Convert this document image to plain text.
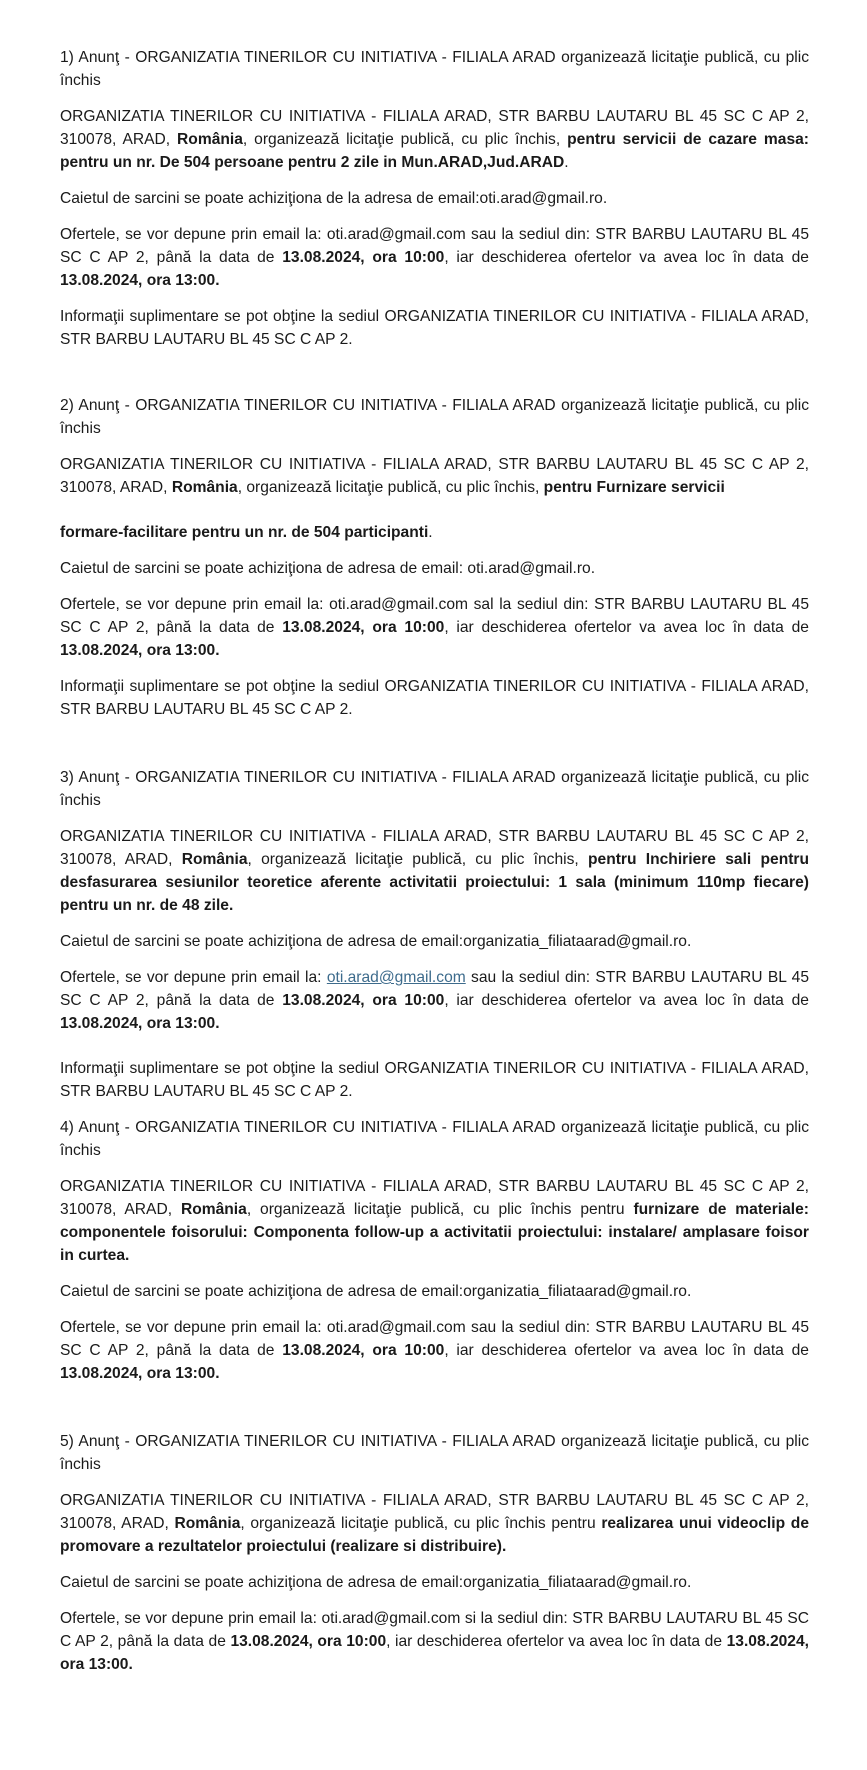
1) Anunţ - ORGANIZATIA TINERILOR CU INITIATIVA - FILIALA ARAD organizează licitaţie publică, cu plic închis

ORGANIZATIA TINERILOR CU INITIATIVA - FILIALA ARAD, STR BARBU LAUTARU BL 45 SC C AP 2, 310078, ARAD, România, organizează licitaţie publică, cu plic închis, pentru servicii de cazare masa: pentru un nr. De 504 persoane pentru 2 zile in Mun.ARAD,Jud.ARAD.

Caietul de sarcini se poate achiziţiona de la adresa de email:oti.arad@gmail.ro.

Ofertele, se vor depune prin email la: oti.arad@gmail.com sau la sediul din: STR BARBU LAUTARU BL 45 SC C AP 2, până la data de 13.08.2024, ora 10:00, iar deschiderea ofertelor va avea loc în data de 13.08.2024, ora 13:00.

Informaţii suplimentare se pot obţine la sediul ORGANIZATIA TINERILOR CU INITIATIVA - FILIALA ARAD, STR BARBU LAUTARU BL 45 SC C AP 2.

2) Anunţ - ORGANIZATIA TINERILOR CU INITIATIVA - FILIALA ARAD organizează licitaţie publică, cu plic închis

ORGANIZATIA TINERILOR CU INITIATIVA - FILIALA ARAD, STR BARBU LAUTARU BL 45 SC C AP 2, 310078, ARAD, România, organizează licitaţie publică, cu plic închis, pentru Furnizare servicii

formare-facilitare pentru un nr. de 504 participanti.

Caietul de sarcini se poate achiziţiona de adresa de email: oti.arad@gmail.ro.

Ofertele, se vor depune prin email la: oti.arad@gmail.com sal la sediul din: STR BARBU LAUTARU BL 45 SC C AP 2, până la data de 13.08.2024, ora 10:00, iar deschiderea ofertelor va avea loc în data de 13.08.2024, ora 13:00.

Informaţii suplimentare se pot obţine la sediul ORGANIZATIA TINERILOR CU INITIATIVA - FILIALA ARAD, STR BARBU LAUTARU BL 45 SC C AP 2.

3) Anunţ - ORGANIZATIA TINERILOR CU INITIATIVA - FILIALA ARAD organizează licitaţie publică, cu plic închis

ORGANIZATIA TINERILOR CU INITIATIVA - FILIALA ARAD, STR BARBU LAUTARU BL 45 SC C AP 2, 310078, ARAD, România, organizează licitaţie publică, cu plic închis, pentru Inchiriere sali pentru desfasurarea sesiunilor teoretice aferente activitatii proiectului: 1 sala (minimum 110mp fiecare) pentru un nr. de 48 zile.

Caietul de sarcini se poate achiziţiona de adresa de email:organizatia_filiataarad@gmail.ro.

Ofertele, se vor depune prin email la: oti.arad@gmail.com sau la sediul din: STR BARBU LAUTARU BL 45 SC C AP 2, până la data de 13.08.2024, ora 10:00, iar deschiderea ofertelor va avea loc în data de 13.08.2024, ora 13:00.

Informaţii suplimentare se pot obţine la sediul ORGANIZATIA TINERILOR CU INITIATIVA - FILIALA ARAD, STR BARBU LAUTARU BL 45 SC C AP 2.

4) Anunţ - ORGANIZATIA TINERILOR CU INITIATIVA - FILIALA ARAD organizează licitaţie publică, cu plic închis

ORGANIZATIA TINERILOR CU INITIATIVA - FILIALA ARAD, STR BARBU LAUTARU BL 45 SC C AP 2, 310078, ARAD, România, organizează licitaţie publică, cu plic închis pentru furnizare de materiale: componentele foisorului: Componenta follow-up a activitatii proiectului: instalare/ amplasare foisor in curtea.

Caietul de sarcini se poate achiziţiona de adresa de email:organizatia_filiataarad@gmail.ro.

Ofertele, se vor depune prin email la: oti.arad@gmail.com sau la sediul din: STR BARBU LAUTARU BL 45 SC C AP 2, până la data de 13.08.2024, ora 10:00, iar deschiderea ofertelor va avea loc în data de 13.08.2024, ora 13:00.

5) Anunţ - ORGANIZATIA TINERILOR CU INITIATIVA - FILIALA ARAD organizează licitaţie publică, cu plic închis

ORGANIZATIA TINERILOR CU INITIATIVA - FILIALA ARAD, STR BARBU LAUTARU BL 45 SC C AP 2, 310078, ARAD, România, organizează licitaţie publică, cu plic închis pentru realizarea unui videoclip de promovare a rezultatelor proiectului (realizare si distribuire).

Caietul de sarcini se poate achiziţiona de adresa de email:organizatia_filiataarad@gmail.ro.

Ofertele, se vor depune prin email la: oti.arad@gmail.com si la sediul din: STR BARBU LAUTARU BL 45 SC C AP 2, până la data de 13.08.2024, ora 10:00, iar deschiderea ofertelor va avea loc în data de 13.08.2024, ora 13:00.
